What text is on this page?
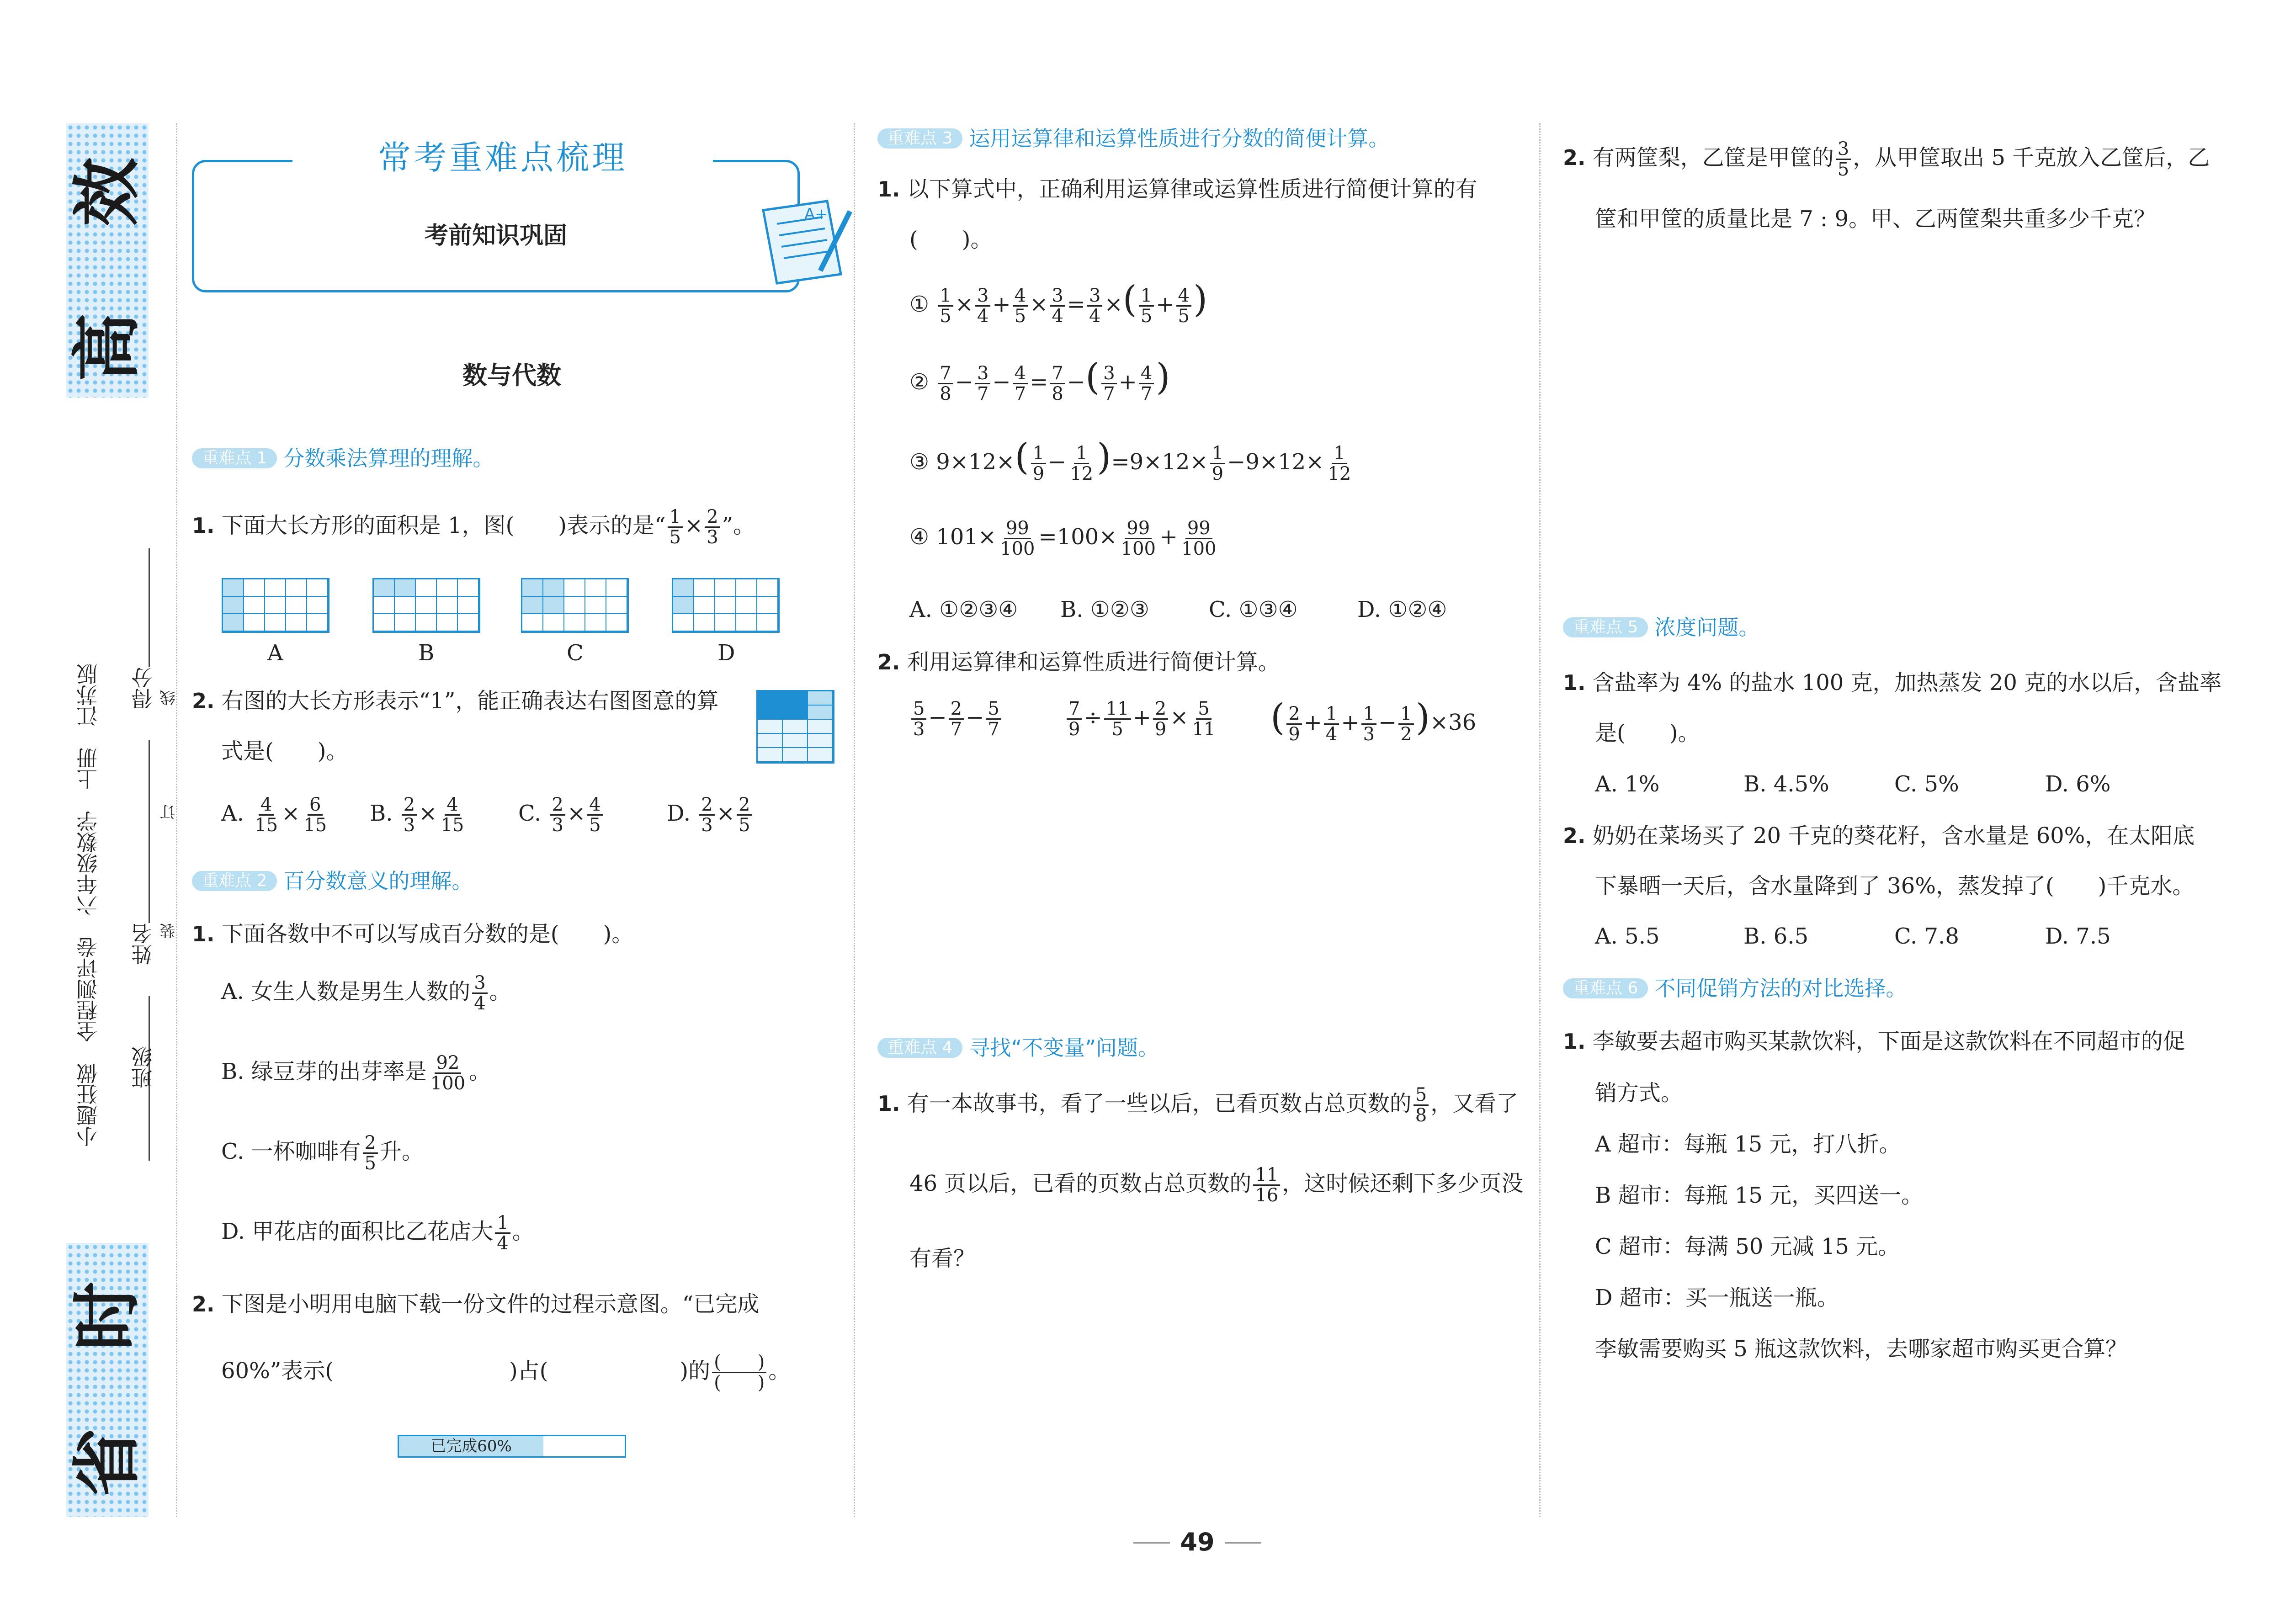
高
效
省
时
小题狂做　全程测评卷　六年级数学　上册　江苏版 得分
姓名
班级
线
订
装
常考重难点梳理
考前知识巩固
A+
数与代数
重难点 1 分数乘法算理的理解。
1. 下面大长方形的面积是 1，图(　　)表示的是“ $\frac{1}{5} \times \frac{2}{3}$ ”。
A	B	C	D
2. 右图的大长方形表示“1”，能正确表达右图图意的算
式是(　　)。
A. $\frac{4}{15} \times \frac{6}{15} B$. $\frac{2}{3} \times \frac{4}{15} C$. $\frac{2}{3} \times \frac{4}{5}$	D. $\frac{2}{3} \times \frac{2}{5}$
重难点 2 百分数意义的理解。
1. 下面各数中不可以写成百分数的是(　　)。
A. 女生人数是男生人数的 $\frac{3}{4}$ 。
B. 绿豆芽的出芽率是 $\frac{92}{100}$ 。
C. 一杯咖啡有 $\frac{2}{5}$ 升。
D. 甲花店的面积比乙花店大 $\frac{1}{4}$ 。
2. 下图是小明用电脑下载一份文件的过程示意图。“已完成
60%”表示(　　　　　　　　)占(　　　　　　)的 $\frac{( )}{( )}$ 。
已完成60%
重难点 3 运用运算律和运算性质进行分数的简便计算。
1. 以下算式中，正确利用运算律或运算性质进行简便计算的有
(　　)。
① $\frac{1}{5} \times \frac{3}{4} + \frac{4}{5} \times \frac{3}{4} = \frac{3}{4}$ ×( $\frac{1}{5} + \frac{4}{5}$ )
② $\frac{7}{8} - \frac{3}{7} - \frac{4}{7} = \frac{7}{8}$ −( $\frac{3}{7} + \frac{4}{7}$ )
③ $9\times 12\times( \frac{1}{9} - \frac{1}{12} )=9\times 12\times \frac{1}{9} -9\times 12\times \frac{1}{12}$
④ $101\times \frac{99}{100} =100\times \frac{99}{100} + \frac{99}{100}$
A. ①②③④	B. ①②③	C. ①③④	D. ①②④
2. 利用运算律和运算性质进行简便计算。
$\frac{5}{3} - \frac{2}{7} - \frac{5}{7}$	$\frac{7}{9} \div \frac{11}{5} + \frac{2}{9} \times \frac{5}{11}$ ( $\frac{2}{9} + \frac{1}{4} + \frac{1}{3} - \frac{1}{2} )\times 36$
重难点 4 寻找“不变量”问题。
1. 有一本故事书，看了一些以后，已看页数占总页数的 $\frac{5}{8}$ ，又看了
46 页以后，已看的页数占总页数的 $\frac{11}{16}$ ，这时候还剩下多少页没
有看？
2. 有两筐梨，乙筐是甲筐的 $\frac{3}{5}$ ，从甲筐取出 5 千克放入乙筐后，乙
筐和甲筐的质量比是 7 : 9。甲、乙两筐梨共重多少千克？
重难点 5 浓度问题。
1. 含盐率为 4% 的盐水 100 克，加热蒸发 20 克的水以后，含盐率
是(　　)。
A. 1%	B. 4.5%	C. 5%	D. 6%
2. 奶奶在菜场买了 20 千克的葵花籽，含水量是 60%，在太阳底
下暴晒一天后，含水量降到了 36%，蒸发掉了(　　)千克水。
A. 5.5	B. 6.5	C. 7.8	D. 7.5
重难点 6 不同促销方法的对比选择。
1. 李敏要去超市购买某款饮料，下面是这款饮料在不同超市的促
销方式。
A 超市：每瓶 15 元，打八折。
B 超市：每瓶 15 元，买四送一。
C 超市：每满 50 元减 15 元。
D 超市：买一瓶送一瓶。
李敏需要购买 5 瓶这款饮料，去哪家超市购买更合算？
49
